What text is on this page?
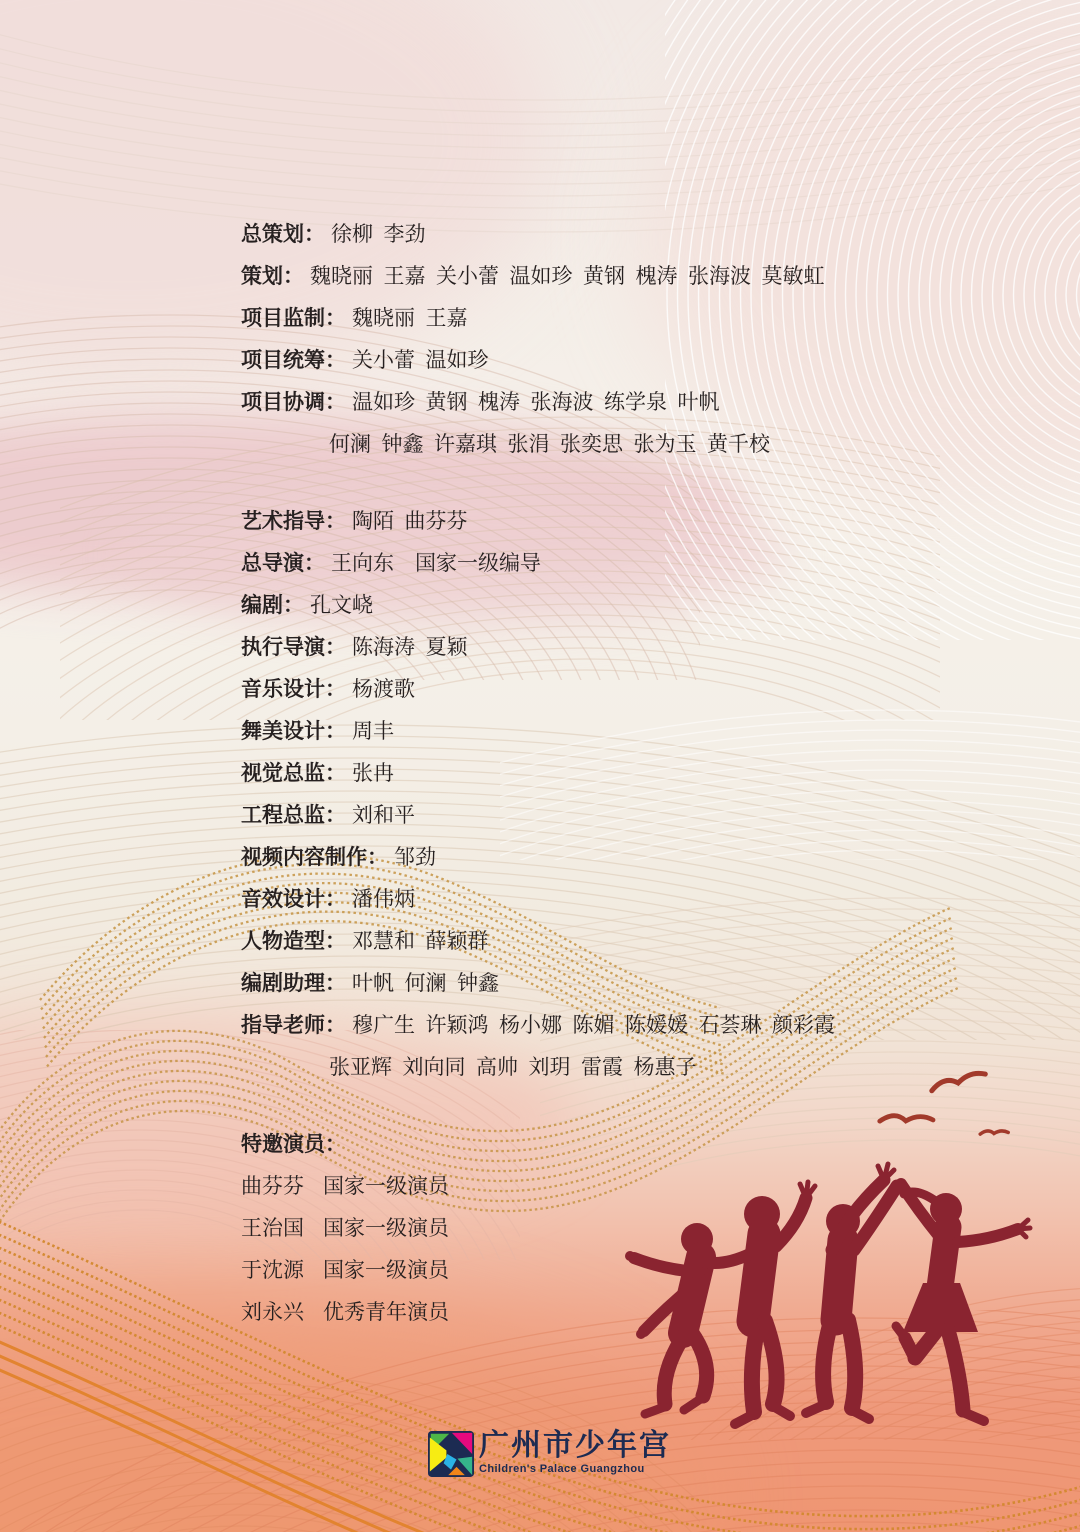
总策划： 徐柳  李劲
策划： 魏晓丽  王嘉  关小蕾  温如珍  黄钢  槐涛  张海波  莫敏虹
项目监制： 魏晓丽  王嘉
项目统筹： 关小蕾  温如珍
项目协调： 温如珍  黄钢  槐涛  张海波  练学泉  叶帆
何澜  钟鑫  许嘉琪  张涓  张奕思  张为玉  黄千校
艺术指导： 陶陌  曲芬芬
总导演： 王向东    国家一级编导
编剧： 孔文峣
执行导演： 陈海涛  夏颖
音乐设计： 杨渡歌
舞美设计： 周丰
视觉总监： 张冉
工程总监： 刘和平
视频内容制作： 邹劲
音效设计： 潘伟炳
人物造型： 邓慧和  薛颖群
编剧助理： 叶帆  何澜  钟鑫
指导老师： 穆广生  许颖鸿  杨小娜  陈媚  陈媛媛  石荟琳  颜彩霞
张亚辉  刘向同  高帅  刘玥  雷霞  杨惠子
特邀演员：
曲芬芬 国家一级演员
王治国 国家一级演员
于沈源 国家一级演员
刘永兴 优秀青年演员
广州市少年宫
Children's Palace Guangzhou
